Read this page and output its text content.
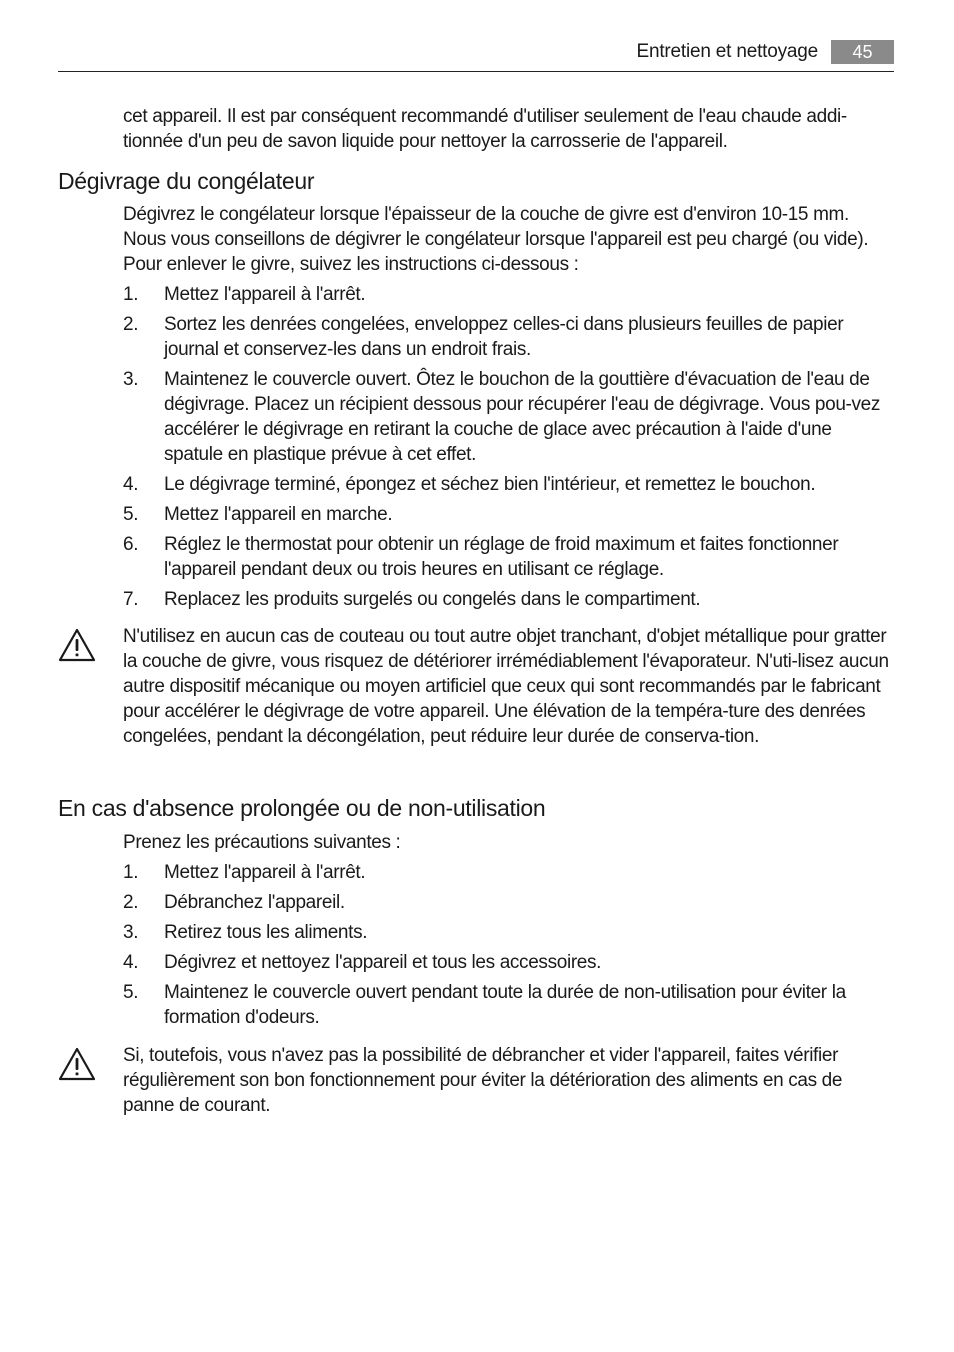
Entretien et nettoyage	45
cet appareil. Il est par conséquent recommandé d'utiliser seulement de l'eau chaude addi-tionnée d'un peu de savon liquide pour nettoyer la carrosserie de l'appareil.
Dégivrage du congélateur

Dégivrez le congélateur lorsque l'épaisseur de la couche de givre est d'environ 10-15 mm. Nous vous conseillons de dégivrer le congélateur lorsque l'appareil est peu chargé (ou vide). Pour enlever le givre, suivez les instructions ci-dessous :

1. Mettez l'appareil à l'arrêt.
2. Sortez les denrées congelées, enveloppez celles-ci dans plusieurs feuilles de papier journal et conservez-les dans un endroit frais.
3. Maintenez le couvercle ouvert. Ôtez le bouchon de la gouttière d'évacuation de l'eau de dégivrage. Placez un récipient dessous pour récupérer l'eau de dégivrage. Vous pou-vez accélérer le dégivrage en retirant la couche de glace avec précaution à l'aide d'une spatule en plastique prévue à cet effet.
4. Le dégivrage terminé, épongez et séchez bien l'intérieur, et remettez le bouchon.
5. Mettez l'appareil en marche.
6. Réglez le thermostat pour obtenir un réglage de froid maximum et faites fonctionner l'appareil pendant deux ou trois heures en utilisant ce réglage.
7. Replacez les produits surgelés ou congelés dans le compartiment.
N'utilisez en aucun cas de couteau ou tout autre objet tranchant, d'objet métallique pour gratter la couche de givre, vous risquez de détériorer irrémédiablement l'évaporateur. N'uti-lisez aucun autre dispositif mécanique ou moyen artificiel que ceux qui sont recommandés par le fabricant pour accélérer le dégivrage de votre appareil. Une élévation de la tempéra-ture des denrées congelées, pendant la décongélation, peut réduire leur durée de conserva-tion.
En cas d'absence prolongée ou de non-utilisation

Prenez les précautions suivantes :

1. Mettez l'appareil à l'arrêt.
2. Débranchez l'appareil.
3. Retirez tous les aliments.
4. Dégivrez et nettoyez l'appareil et tous les accessoires.
5. Maintenez le couvercle ouvert pendant toute la durée de non-utilisation pour éviter la formation d'odeurs.
Si, toutefois, vous n'avez pas la possibilité de débrancher et vider l'appareil, faites vérifier régulièrement son bon fonctionnement pour éviter la détérioration des aliments en cas de panne de courant.
